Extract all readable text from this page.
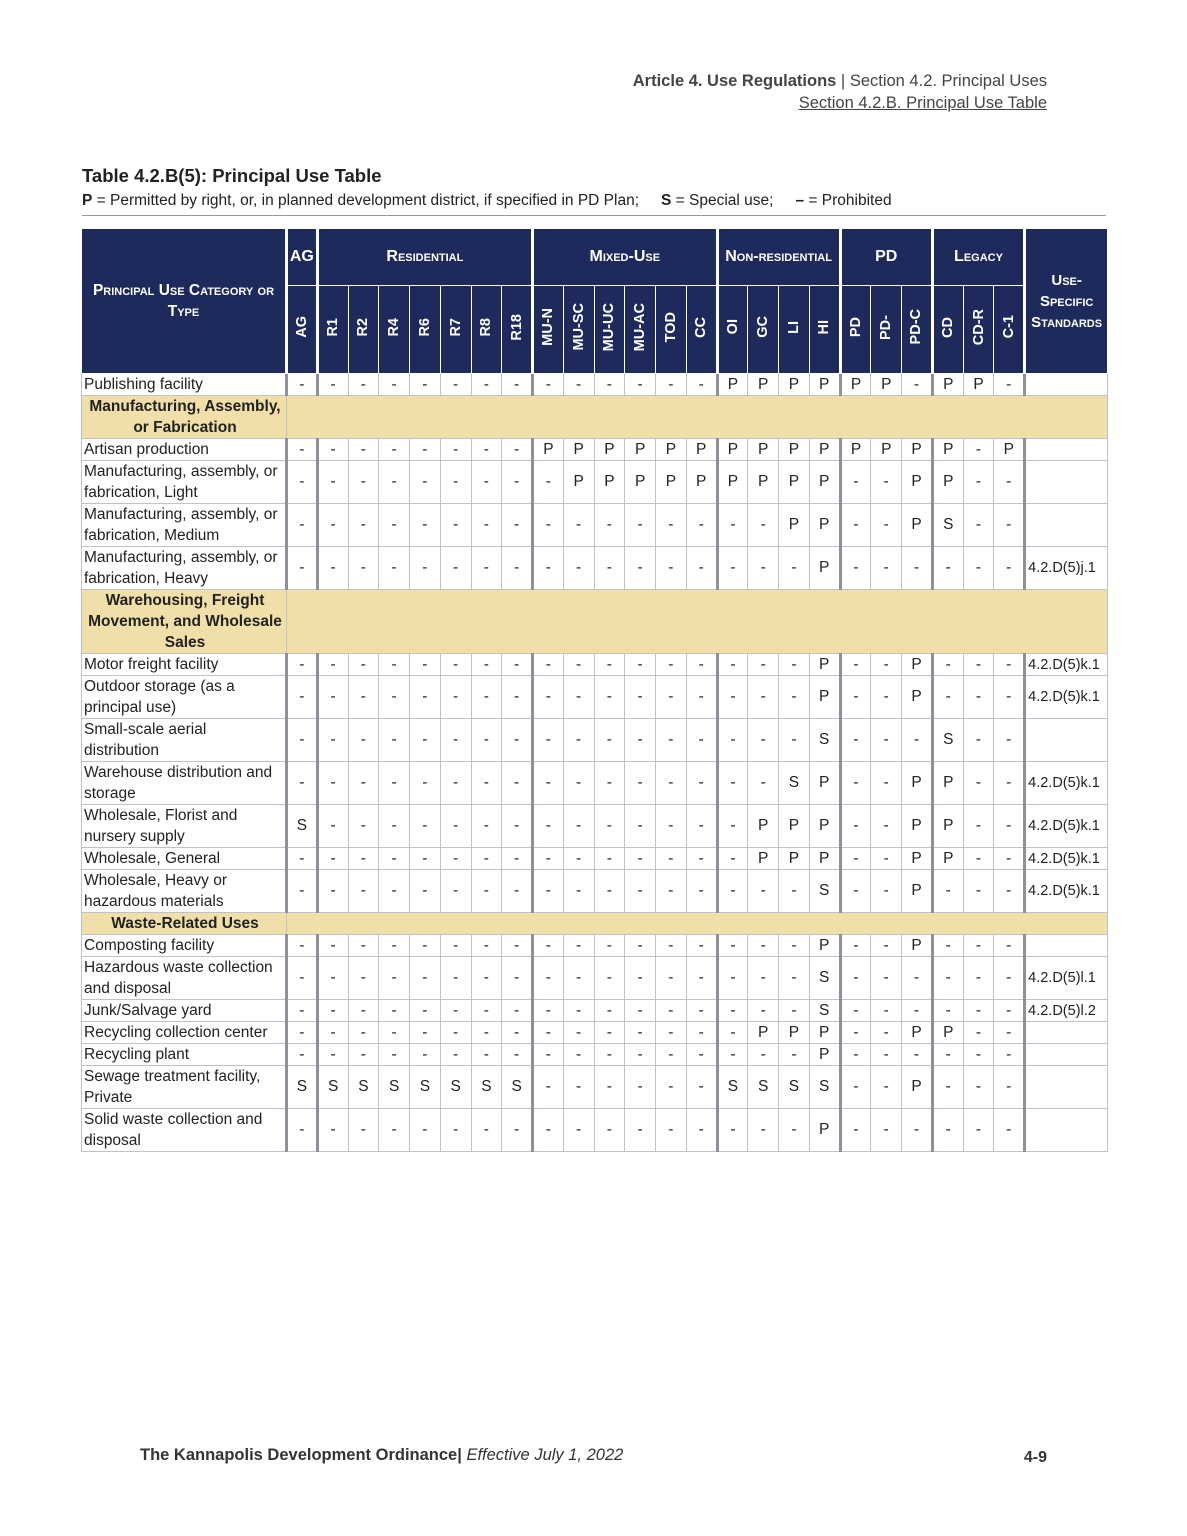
Article 4. Use Regulations | Section 4.2. Principal Uses
Section 4.2.B. Principal Use Table
Table 4.2.B(5): Principal Use Table
P = Permitted by right, or, in planned development district, if specified in PD Plan; S = Special use; – = Prohibited
Principal Use Category or Type	AG	Residential							Mixed-Use						Non-residential				PD			Legacy			Use-Specific Standards
	AG	R1	R2	R4	R6	R7	R8	R18	MU-N	MU-SC	MU-UC	MU-AC	TOD	CC	OI	GC	LI	HI	PD	PD-	PD-C	CD	CD-R	C-1	
Publishing facility	-	-	-	-	-	-	-	-	-	-	-	-	-	-	P	P	P	P	P	P	-	P	P	-	
Manufacturing, Assembly, or Fabrication																									
Artisan production	-	-	-	-	-	-	-	-	P	P	P	P	P	P	P	P	P	P	P	P	P	P	-	P	
Manufacturing, assembly, or fabrication, Light	-	-	-	-	-	-	-	-	-	P	P	P	P	P	P	P	P	P	-	-	P	P	-	-	
Manufacturing, assembly, or fabrication, Medium	-	-	-	-	-	-	-	-	-	-	-	-	-	-	-	-	P	P	-	-	P	S	-	-	
Manufacturing, assembly, or fabrication, Heavy	-	-	-	-	-	-	-	-	-	-	-	-	-	-	-	-	-	P	-	-	-	-	-	-	4.2.D(5)j.1
Warehousing, Freight Movement, and Wholesale Sales																									
Motor freight facility	-	-	-	-	-	-	-	-	-	-	-	-	-	-	-	-	-	P	-	-	P	-	-	-	4.2.D(5)k.1
Outdoor storage (as a principal use)	-	-	-	-	-	-	-	-	-	-	-	-	-	-	-	-	-	P	-	-	P	-	-	-	4.2.D(5)k.1
Small-scale aerial distribution	-	-	-	-	-	-	-	-	-	-	-	-	-	-	-	-	-	S	-	-	-	S	-	-	
Warehouse distribution and storage	-	-	-	-	-	-	-	-	-	-	-	-	-	-	-	-	S	P	-	-	P	P	-	-	4.2.D(5)k.1
Wholesale, Florist and nursery supply	S	-	-	-	-	-	-	-	-	-	-	-	-	-	-	P	P	P	-	-	P	P	-	-	4.2.D(5)k.1
Wholesale, General	-	-	-	-	-	-	-	-	-	-	-	-	-	-	-	P	P	P	-	-	P	P	-	-	4.2.D(5)k.1
Wholesale, Heavy or hazardous materials	-	-	-	-	-	-	-	-	-	-	-	-	-	-	-	-	-	S	-	-	P	-	-	-	4.2.D(5)k.1
Waste-Related Uses																									
Composting facility	-	-	-	-	-	-	-	-	-	-	-	-	-	-	-	-	-	P	-	-	P	-	-	-	
Hazardous waste collection and disposal	-	-	-	-	-	-	-	-	-	-	-	-	-	-	-	-	-	S	-	-	-	-	-	-	4.2.D(5)l.1
Junk/Salvage yard	-	-	-	-	-	-	-	-	-	-	-	-	-	-	-	-	-	S	-	-	-	-	-	-	4.2.D(5)l.2
Recycling collection center	-	-	-	-	-	-	-	-	-	-	-	-	-	-	-	P	P	P	-	-	P	P	-	-	
Recycling plant	-	-	-	-	-	-	-	-	-	-	-	-	-	-	-	-	-	P	-	-	-	-	-	-	
Sewage treatment facility, Private	S	S	S	S	S	S	S	S	-	-	-	-	-	-	S	S	S	S	-	-	P	-	-	-	
Solid waste collection and disposal	-	-	-	-	-	-	-	-	-	-	-	-	-	-	-	-	-	P	-	-	-	-	-	-	
The Kannapolis Development Ordinance| Effective July 1, 2022	4-9
